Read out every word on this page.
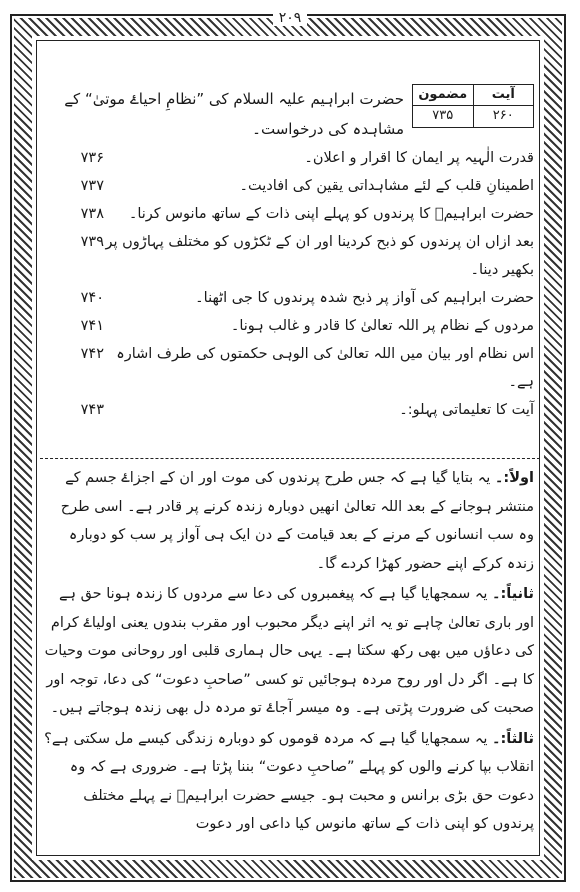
۲۰۹
آیت
۲۶۰
مضمون
۷۳۵
حضرت ابراہیم علیہ السلام کی ”نظامِ احیاۓ موتیٰ“ کے مشاہدہ کی درخواست۔
قدرت الٰہیہ پر ایمان کا اقرار و اعلان۔
۷۳۶
اطمینانِ قلب کے لئے مشاہداتی یقین کی افادیت۔
۷۳۷
حضرت ابراہیمؑ کا پرندوں کو پہلے اپنی ذات کے ساتھ مانوس کرنا۔
۷۳۸
بعد ازاں ان پرندوں کو ذبح کردینا اور ان کے ٹکڑوں کو مختلف پہاڑوں پر بکھیر دینا۔
۷۳۹
حضرت ابراہیم کی آواز پر ذبح شدہ پرندوں کا جی اٹھنا۔
۷۴۰
مردوں کے نظام پر اللہ تعالیٰ کا قادر و غالب ہونا۔
۷۴۱
اس نظام اور بیان میں اللہ تعالیٰ کی الوہی حکمتوں کی طرف اشارہ ہے۔
۷۴۲
آیت کا تعلیماتی پہلو:۔
۷۴۳

اولاً:۔ یہ بتایا گیا ہے کہ جس طرح پرندوں کی موت اور ان کے اجزاۓ جسم کے منتشر ہوجانے کے بعد اللہ تعالیٰ انھیں دوبارہ زندہ کرنے پر قادر ہے۔ اسی طرح وہ سب انسانوں کے مرنے کے بعد قیامت کے دن ایک ہی آواز پر سب کو دوبارہ زندہ کرکے اپنے حضور کھڑا کردے گا۔

ثانیاً:۔ یہ سمجھایا گیا ہے کہ پیغمبروں کی دعا سے مردوں کا زندہ ہونا حق ہے اور باری تعالیٰ چاہے تو یہ اثر اپنے دیگر محبوب اور مقرب بندوں یعنی اولیاۓ کرام کی دعاؤں میں بھی رکھ سکتا ہے۔ یہی حال ہماری قلبی اور روحانی موت وحیات کا ہے۔ اگر دل اور روح مردہ ہوجائیں تو کسی ”صاحبِ دعوت“ کی دعا، توجہ اور صحبت کی ضرورت پڑتی ہے۔ وہ میسر آجاۓ تو مردہ دل بھی زندہ ہوجاتے ہیں۔

ثالثاً:۔ یہ سمجھایا گیا ہے کہ مردہ قوموں کو دوبارہ زندگی کیسے مل سکتی ہے؟ انقلاب بپا کرنے والوں کو پہلے ”صاحبِ دعوت“ بننا پڑتا ہے۔ ضروری ہے کہ وہ دعوت حق بڑی برانس و محبت ہو۔ جیسے حضرت ابراہیمؑ نے پہلے مختلف پرندوں کو اپنی ذات کے ساتھ مانوس کیا داعی اور دعوت
